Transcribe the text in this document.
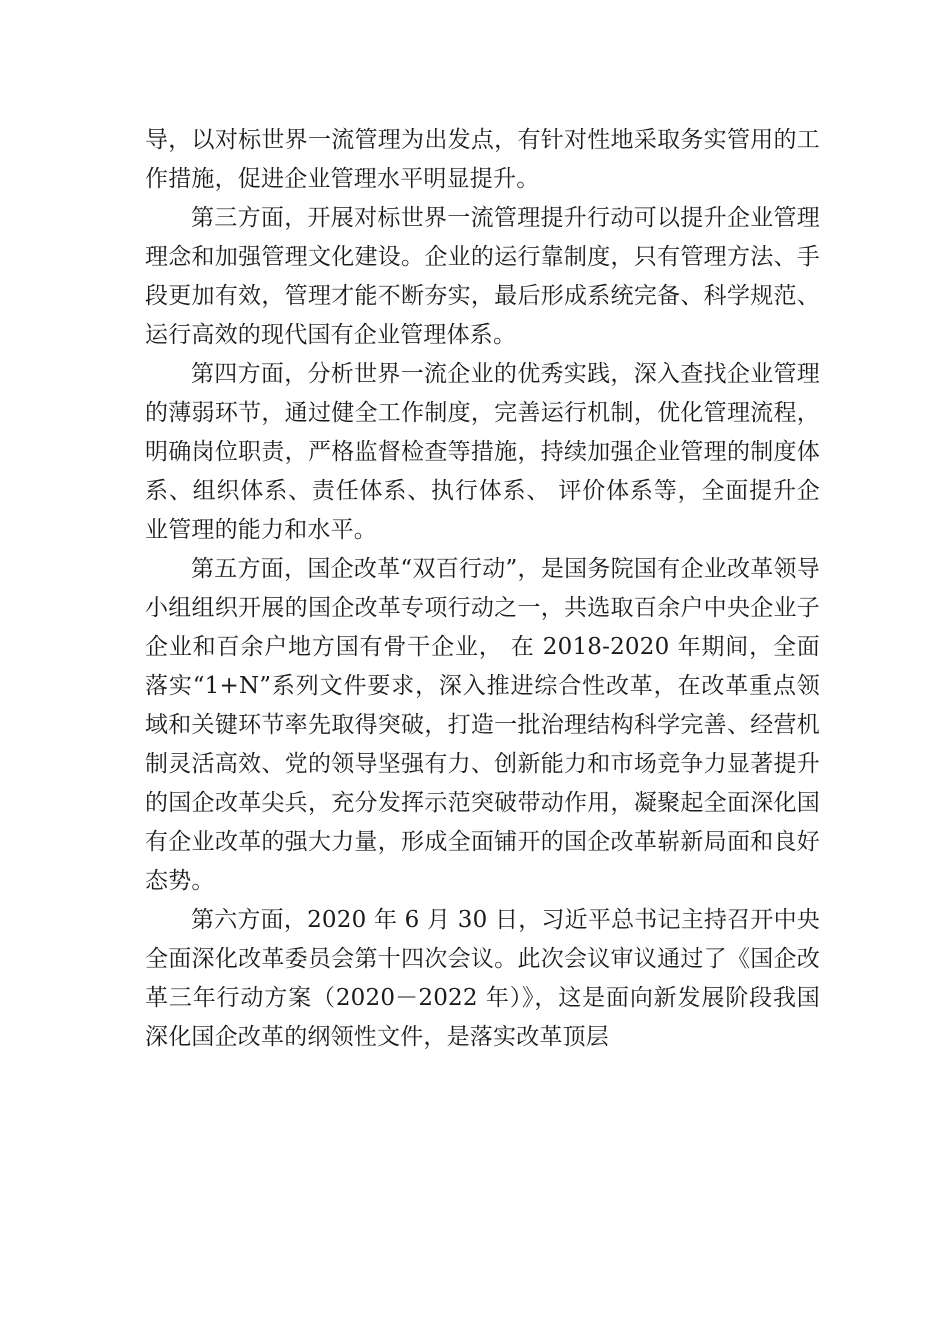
导，以对标世界一流管理为出发点，有针对性地采取务实管用的工作措施，促进企业管理水平明显提升。

第三方面，开展对标世界一流管理提升行动可以提升企业管理理念和加强管理文化建设。企业的运行靠制度，只有管理方法、手段更加有效，管理才能不断夯实，最后形成系统完备、科学规范、运行高效的现代国有企业管理体系。

第四方面，分析世界一流企业的优秀实践，深入查找企业管理的薄弱环节，通过健全工作制度，完善运行机制，优化管理流程，明确岗位职责，严格监督检查等措施，持续加强企业管理的制度体系、组织体系、责任体系、执行体系、 评价体系等，全面提升企业管理的能力和水平。

第五方面，国企改革“双百行动”，是国务院国有企业改革领导小组组织开展的国企改革专项行动之一，共选取百余户中央企业子企业和百余户地方国有骨干企业， 在 2018-2020 年期间，全面落实“1+N”系列文件要求，深入推进综合性改革，在改革重点领域和关键环节率先取得突破，打造一批治理结构科学完善、经营机制灵活高效、党的领导坚强有力、创新能力和市场竞争力显著提升的国企改革尖兵，充分发挥示范突破带动作用，凝聚起全面深化国有企业改革的强大力量，形成全面铺开的国企改革崭新局面和良好态势。

第六方面，2020 年 6 月 30 日，习近平总书记主持召开中央全面深化改革委员会第十四次会议。此次会议审议通过了《国企改革三年行动方案（2020－2022 年）》，这是面向新发展阶段我国深化国企改革的纲领性文件，是落实改革顶层
